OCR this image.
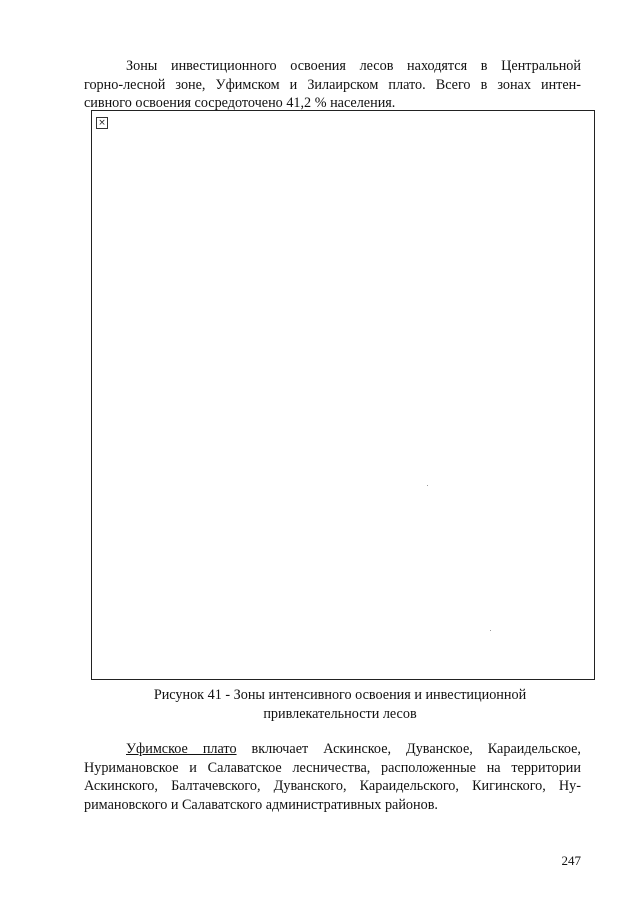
Зоны инвестиционного освоения лесов находятся в Центральной
горно-лесной зоне, Уфимском и Зилаирском плато. Всего в зонах интен-
сивного освоения сосредоточено 41,2 % населения.
×
Рисунок 41 - Зоны интенсивного освоения и инвестиционной
привлекательности лесов
Уфимское плато включает Аскинское, Дуванское, Караидельское,
Нуримановское и Салаватское лесничества, расположенные на территории
Аскинского, Балтачевского, Дуванского, Караидельского, Кигинского, Ну-
римановского и Салаватского административных районов.
247
